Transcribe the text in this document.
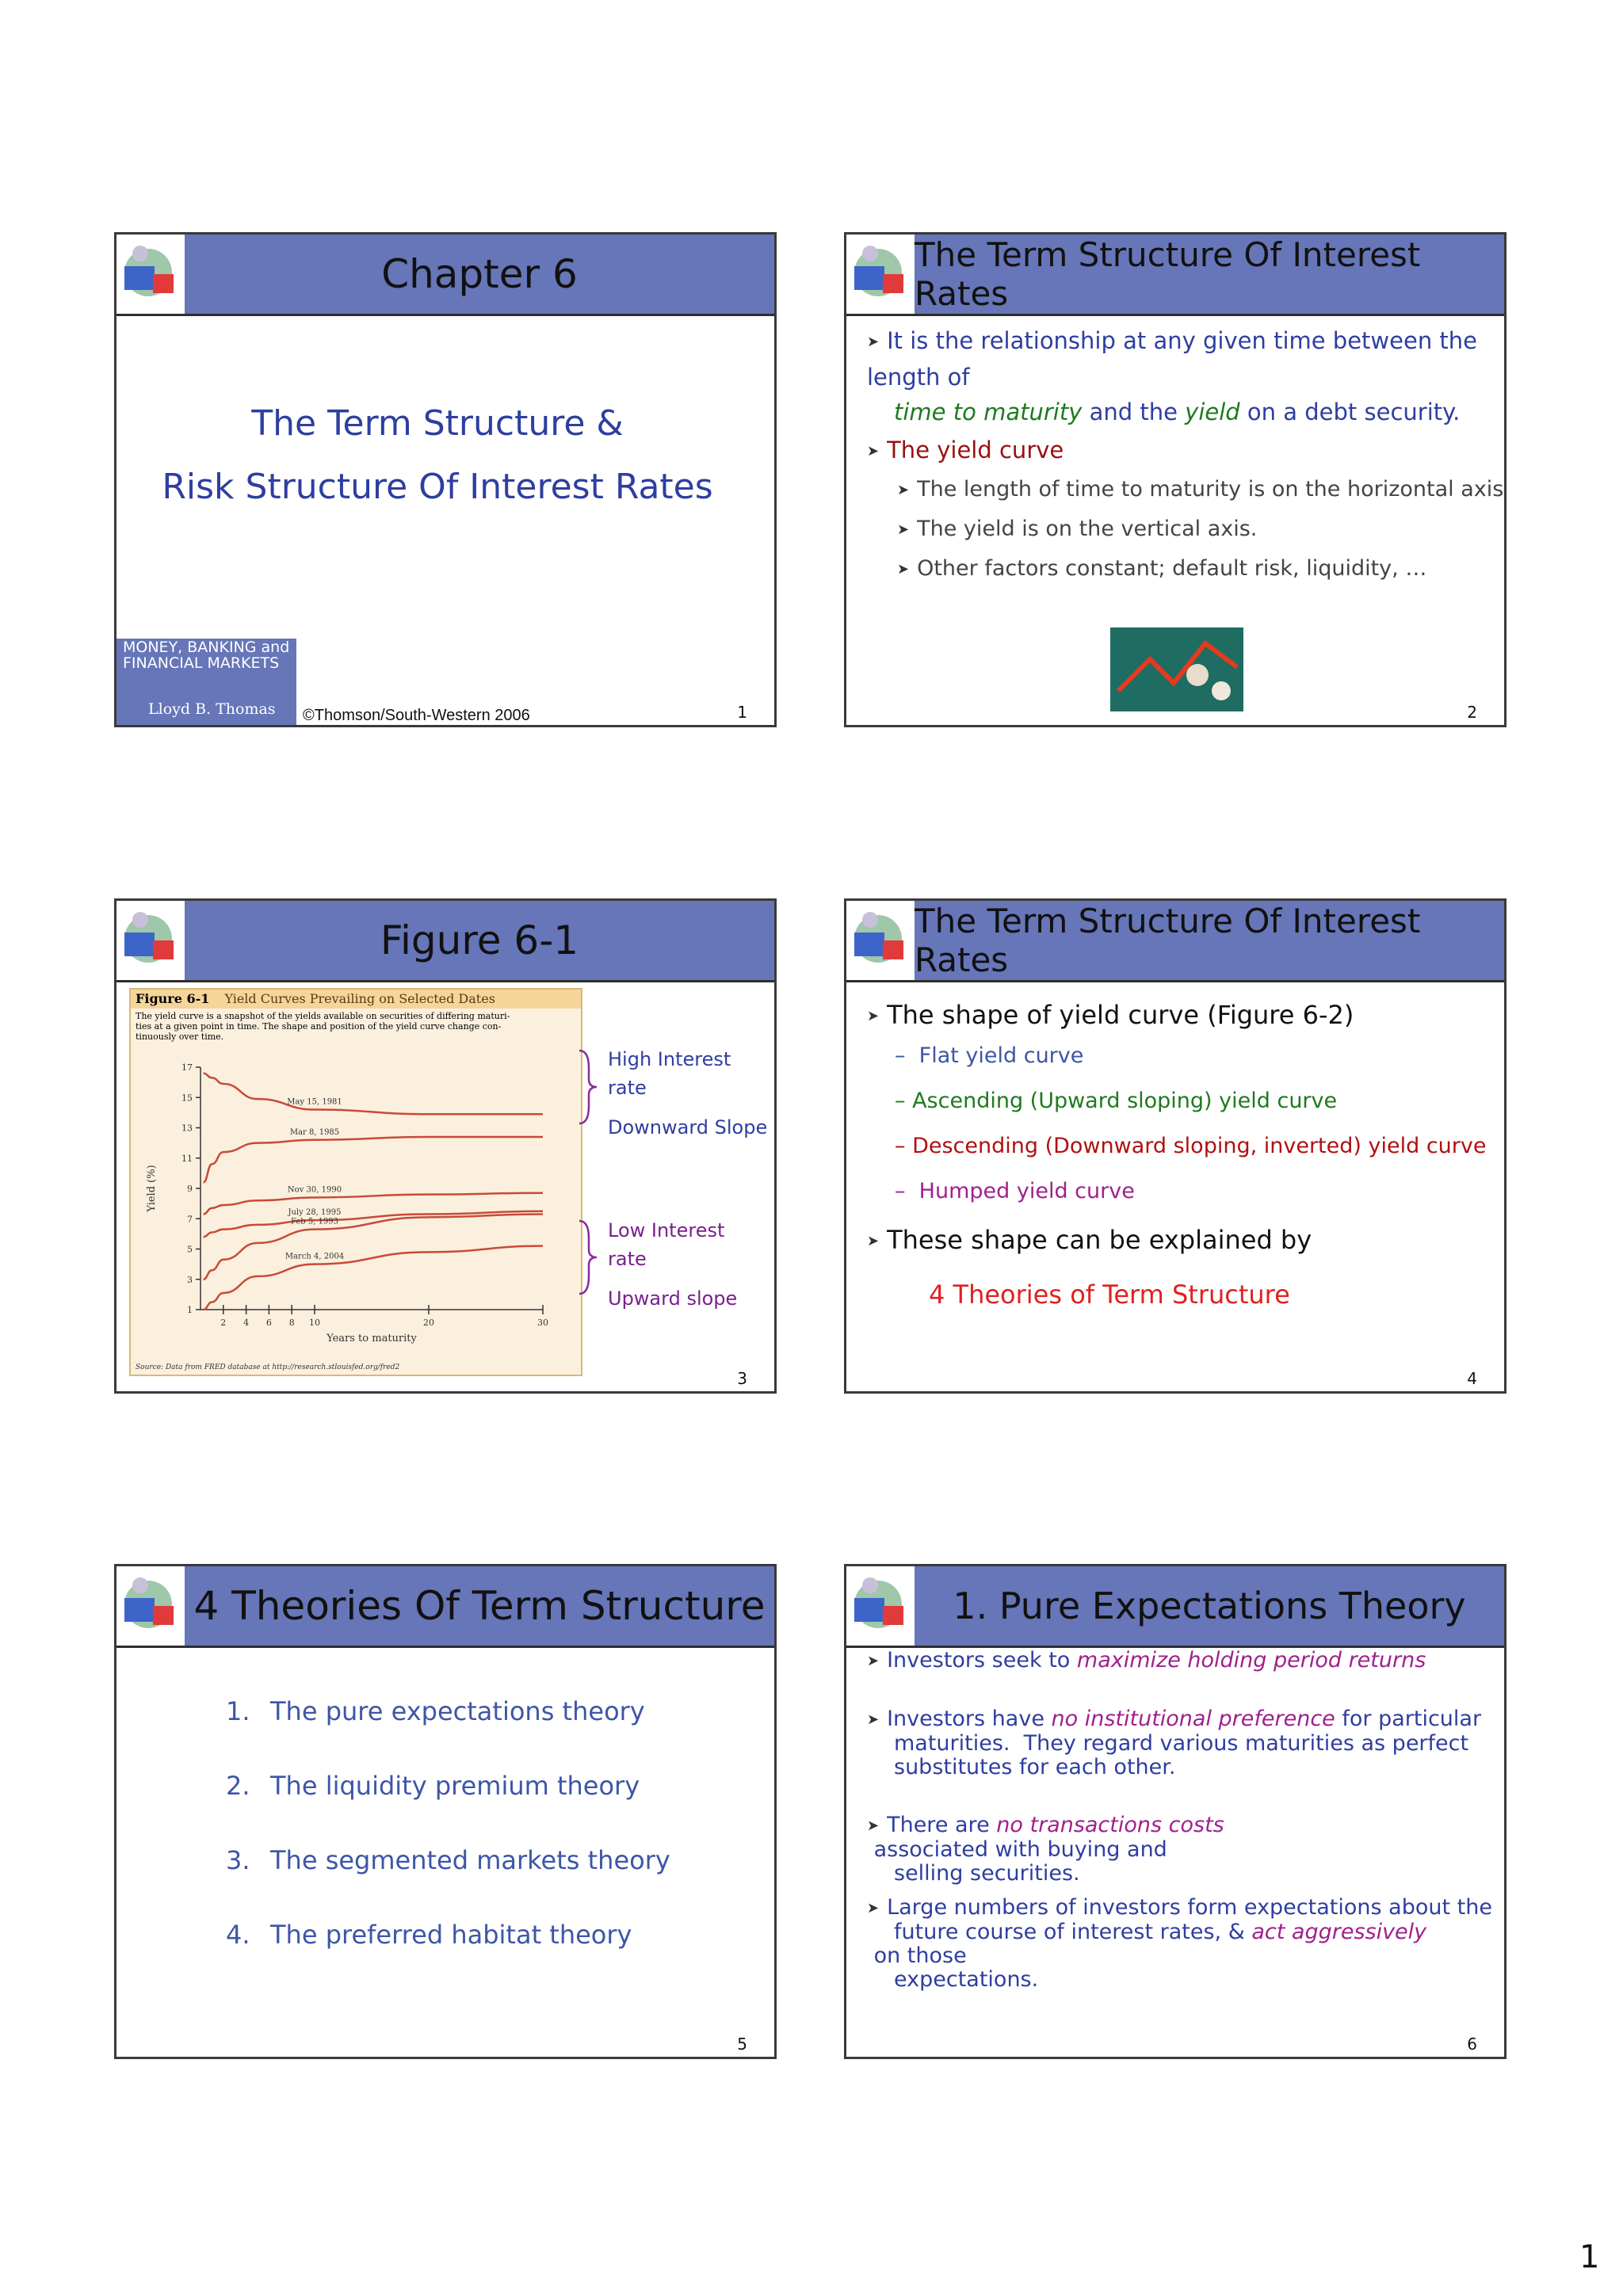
Chapter 6
The Term Structure &
Risk Structure Of Interest Rates
MONEY, BANKING and
FINANCIAL MARKETS
Lloyd B. Thomas ©Thomson/South-Western 2006	1
The Term Structure Of Interest Rates
➤ It is the relationship at any given time between the length of
time to maturity and the yield on a debt security.
➤ The yield curve
➤ The length of time to maturity is on the horizontal axis
➤ The yield is on the vertical axis.
➤ Other factors constant; default risk, liquidity, …
2
Figure 6-1
Figure 6-1 Yield Curves Prevailing on Selected Dates
The yield curve is a snapshot of the yields available on securities of differing maturi-
ties at a given point in time. The shape and position of the yield curve change con-
tinuously over time.
1
3
5
7
9
11
13
15
17
2 4 6 8 10	20	30
Years to maturity
Yield (%)
May 15, 1981
Mar 8, 1985
Nov 30, 1990
July 28, 1995
Feb 5, 1993
March 4, 2004
Source: Data from FRED database at http://research.stlouisfed.org/fred2
High Interest
rate
Downward Slope
Low Interest
rate
Upward slope
3
The Term Structure Of Interest Rates
➤ The shape of yield curve (Figure 6-2)
–  Flat yield curve
– Ascending (Upward sloping) yield curve
– Descending (Downward sloping, inverted) yield curve
–  Humped yield curve
➤ These shape can be explained by
4 Theories of Term Structure
4
4 Theories Of Term Structure
1. The pure expectations theory
2. The liquidity premium theory
3. The segmented markets theory
4. The preferred habitat theory
5
1. Pure Expectations Theory
➤ Investors seek to maximize holding period returns
➤ Investors have no institutional preference for particular
maturities.  They regard various maturities as perfect
substitutes for each other.
➤ There are no transactions costs associated with buying and
selling securities.
➤ Large numbers of investors form expectations about the
future course of interest rates, & act aggressively on those
expectations.
6
1
